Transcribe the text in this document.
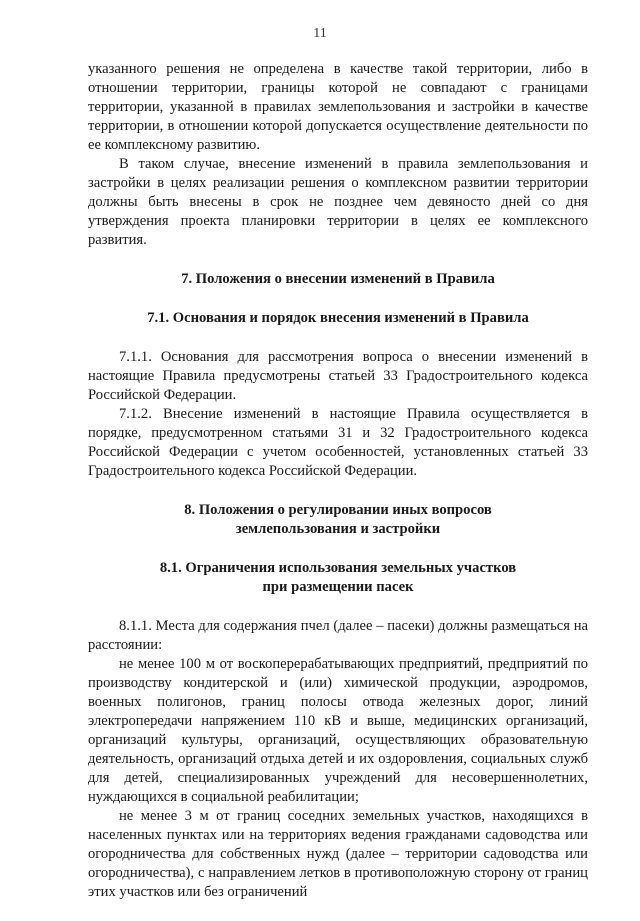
11

указанного решения не определена в качестве такой территории, либо в отношении территории, границы которой не совпадают с границами территории, указанной в правилах землепользования и застройки в качестве территории, в отношении которой допускается осуществление деятельности по ее комплексному развитию.

В таком случае, внесение изменений в правила землепользования и застройки в целях реализации решения о комплексном развитии территории должны быть внесены в срок не позднее чем девяносто дней со дня утверждения проекта планировки территории в целях ее комплексного развития.

7. Положения о внесении изменений в Правила
7.1. Основания и порядок внесения изменений в Правила

7.1.1. Основания для рассмотрения вопроса о внесении изменений в настоящие Правила предусмотрены статьей 33 Градостроительного кодекса Российской Федерации.

7.1.2. Внесение изменений в настоящие Правила осуществляется в порядке, предусмотренном статьями 31 и 32 Градостроительного кодекса Российской Федерации с учетом особенностей, установленных статьей 33 Градостроительного кодекса Российской Федерации.

8. Положения о регулировании иных вопросов
землепользования и застройки
8.1. Ограничения использования земельных участков
при размещении пасек

8.1.1. Места для содержания пчел (далее – пасеки) должны размещаться на расстоянии:

не менее 100 м от воскоперерабатывающих предприятий, предприятий по производству кондитерской и (или) химической продукции, аэродромов, военных полигонов, границ полосы отвода железных дорог, линий электропередачи напряжением 110 кВ и выше, медицинских организаций, организаций культуры, организаций, осуществляющих образовательную деятельность, организаций отдыха детей и их оздоровления, социальных служб для детей, специализированных учреждений для несовершеннолетних, нуждающихся в социальной реабилитации;

не менее 3 м от границ соседних земельных участков, находящихся в населенных пунктах или на территориях ведения гражданами садоводства или огородничества для собственных нужд (далее – территории садоводства или огородничества), с направлением летков в противоположную сторону от границ этих участков или без ограничений
